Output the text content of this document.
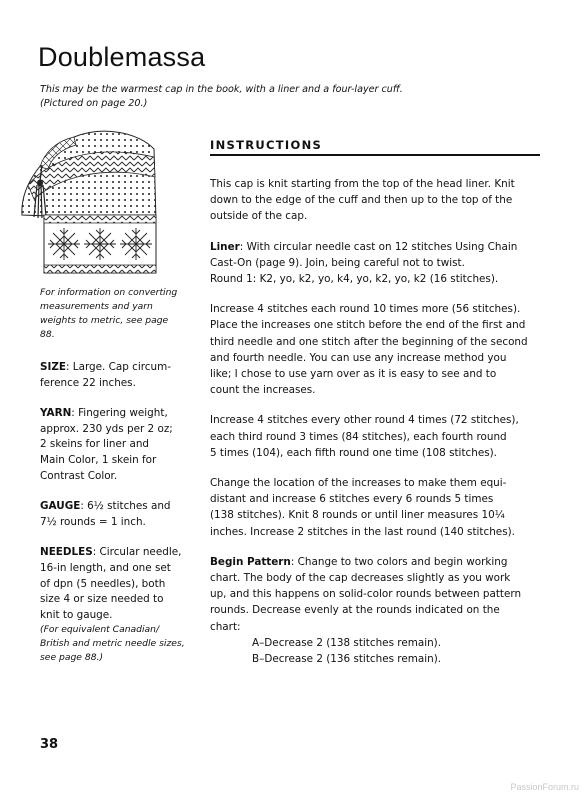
Doublemassa
This may be the warmest cap in the book, with a liner and a four-layer cuff.
(Pictured on page 20.)
For information on converting
measurements and yarn
weights to metric, see page 88.
SIZE: Large. Cap circum-
ference 22 inches.
YARN: Fingering weight,
approx. 230 yds per 2 oz;
2 skeins for liner and
Main Color, 1 skein for
Contrast Color.
GAUGE: 6½ stitches and
7½ rounds = 1 inch.
NEEDLES: Circular needle,
16-in length, and one set
of dpn (5 needles), both
size 4 or size needed to
knit to gauge.
(For equivalent Canadian/
British and metric needle sizes,
see page 88.)
INSTRUCTIONS
This cap is knit starting from the top of the head liner. Knit
down to the edge of the cuff and then up to the top of the
outside of the cap.
Liner: With circular needle cast on 12 stitches Using Chain
Cast-On (page 9). Join, being careful not to twist.
Round 1: K2, yo, k2, yo, k4, yo, k2, yo, k2 (16 stitches).
Increase 4 stitches each round 10 times more (56 stitches).
Place the increases one stitch before the end of the first and
third needle and one stitch after the beginning of the second
and fourth needle. You can use any increase method you
like; I chose to use yarn over as it is easy to see and to
count the increases.
Increase 4 stitches every other round 4 times (72 stitches),
each third round 3 times (84 stitches), each fourth round
5 times (104), each fifth round one time (108 stitches).
Change the location of the increases to make them equi-
distant and increase 6 stitches every 6 rounds 5 times
(138 stitches). Knit 8 rounds or until liner measures 10¼
inches. Increase 2 stitches in the last round (140 stitches).
Begin Pattern: Change to two colors and begin working
chart. The body of the cap decreases slightly as you work
up, and this happens on solid-color rounds between pattern
rounds. Decrease evenly at the rounds indicated on the
chart:
A–Decrease 2 (138 stitches remain).
B–Decrease 2 (136 stitches remain).
38
PassionForum.ru
